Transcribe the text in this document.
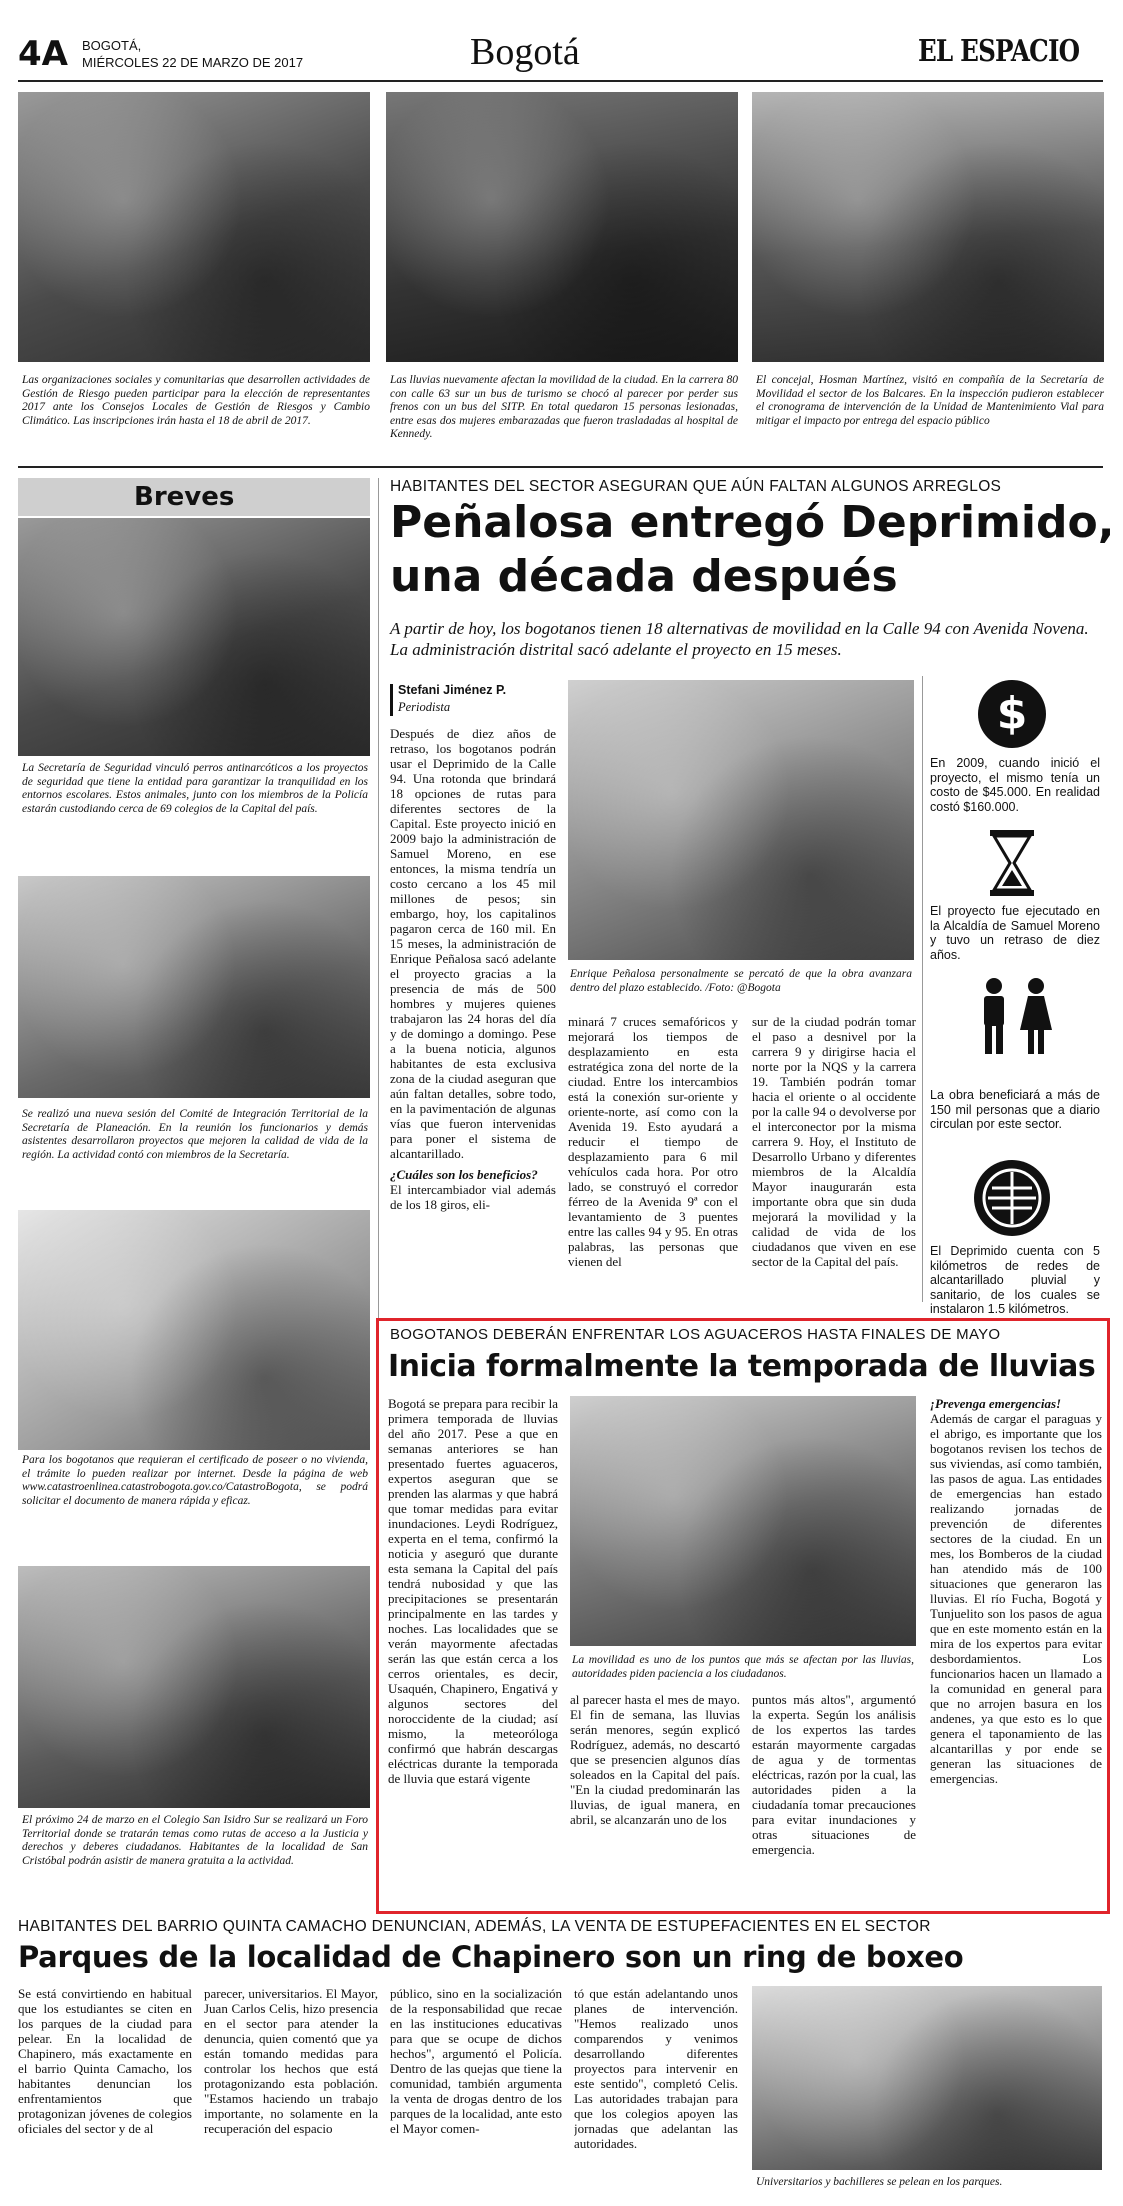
4A BOGOTÁ,
MIÉRCOLES 22 DE MARZO DE 2017	Bogotá	EL ESPACIO
Las organizaciones sociales y comunitarias que desarrollen actividades de Gestión de Riesgo pueden participar para la elección de representantes 2017 ante los Consejos Locales de Gestión de Riesgos y Cambio Climático. Las inscripciones irán hasta el 18 de abril de 2017.
Las lluvias nuevamente afectan la movilidad de la ciudad. En la carrera 80 con calle 63 sur un bus de turismo se chocó al parecer por perder sus frenos con un bus del SITP. En total quedaron 15 personas lesionadas, entre esas dos mujeres embarazadas que fueron trasladadas al hospital de Kennedy.
El concejal, Hosman Martínez, visitó en compañía de la Secretaría de Movilidad el sector de los Balcares. En la inspección pudieron establecer el cronograma de intervención de la Unidad de Mantenimiento Vial para mitigar el impacto por entrega del espacio público
Breves
La Secretaría de Seguridad vinculó perros antinarcóticos a los proyectos de seguridad que tiene la entidad para garantizar la tranquilidad en los entornos escolares. Estos animales, junto con los miembros de la Policía estarán custodiando cerca de 69 colegios de la Capital del país.
Se realizó una nueva sesión del Comité de Integración Territorial de la Secretaría de Planeación. En la reunión los funcionarios y demás asistentes desarrollaron proyectos que mejoren la calidad de vida de la región. La actividad contó con miembros de la Secretaría.
Para los bogotanos que requieran el certificado de poseer o no vivienda, el trámite lo pueden realizar por internet. Desde la página de web www.catastroenlinea.catastrobogota.gov.co/CatastroBogota, se podrá solicitar el documento de manera rápida y eficaz.
El próximo 24 de marzo en el Colegio San Isidro Sur se realizará un Foro Territorial donde se tratarán temas como rutas de acceso a la Justicia y derechos y deberes ciudadanos. Habitantes de la localidad de San Cristóbal podrán asistir de manera gratuita a la actividad.
HABITANTES DEL SECTOR ASEGURAN QUE AÚN FALTAN ALGUNOS ARREGLOS
Peñalosa entregó Deprimido,
una década después
A partir de hoy, los bogotanos tienen 18 alternativas de movilidad en la Calle 94 con Avenida Novena. La administración distrital sacó adelante el proyecto en 15 meses.
Stefani Jiménez P.
Periodista

Después de diez años de retraso, los bogotanos podrán usar el Deprimido de la Calle 94. Una rotonda que brindará 18 opciones de rutas para diferentes sectores de la Capital. Este proyecto inició en 2009 bajo la administración de Samuel Moreno, en ese entonces, la misma tendría un costo cercano a los 45 mil millones de pesos; sin embargo, hoy, los capitalinos pagaron cerca de 160 mil. En 15 meses, la administración de Enrique Peñalosa sacó adelante el proyecto gracias a la presencia de más de 500 hombres y mujeres quienes trabajaron las 24 horas del día y de domingo a domingo. Pese a la buena noticia, algunos habitantes de esta exclusiva zona de la ciudad aseguran que aún faltan detalles, sobre todo, en la pavimentación de algunas vías que fueron intervenidas para poner el sistema de alcantarillado.

¿Cuáles son los beneficios?

El intercambiador vial además de los 18 giros, eli-

Enrique Peñalosa personalmente se percató de que la obra avanzara dentro del plazo establecido. /Foto: @Bogota
minará 7 cruces semafóricos y mejorará los tiempos de desplazamiento en esta estratégica zona del norte de la ciudad. Entre los intercambios está la conexión sur-oriente y oriente-norte, así como con la Avenida 19. Esto ayudará a reducir el tiempo de desplazamiento para 6 mil vehículos cada hora. Por otro lado, se construyó el corredor férreo de la Avenida 9ª con el levantamiento de 3 puentes entre las calles 94 y 95. En otras palabras, las personas que vienen del
sur de la ciudad podrán tomar el paso a desnivel por la carrera 9 y dirigirse hacia el norte por la NQS y la carrera 19. También podrán tomar hacia el oriente o al occidente por la calle 94 o devolverse por el interconector por la misma carrera 9. Hoy, el Instituto de Desarrollo Urbano y diferentes miembros de la Alcaldía Mayor inaugurarán esta importante obra que sin duda mejorará la movilidad y la calidad de vida de los ciudadanos que viven en ese sector de la Capital del país.
$
En 2009, cuando inició el proyecto, el mismo tenía un costo de $45.000. En realidad costó $160.000.
El proyecto fue ejecutado en la Alcaldía de Samuel Moreno y tuvo un retraso de diez años.
La obra beneficiará a más de 150 mil personas que a diario circulan por este sector.
El Deprimido cuenta con 5 kilómetros de redes de alcantarillado pluvial y sanitario, de los cuales se instalaron 1.5 kilómetros.
BOGOTANOS DEBERÁN ENFRENTAR LOS AGUACEROS HASTA FINALES DE MAYO
Inicia formalmente la temporada de lluvias
Bogotá se prepara para recibir la primera temporada de lluvias del año 2017. Pese a que en semanas anteriores se han presentado fuertes aguaceros, expertos aseguran que se prenden las alarmas y que habrá que tomar medidas para evitar inundaciones. Leydi Rodríguez, experta en el tema, confirmó la noticia y aseguró que durante esta semana la Capital del país tendrá nubosidad y que las precipitaciones se presentarán principalmente en las tardes y noches. Las localidades que se verán mayormente afectadas serán las que están cerca a los cerros orientales, es decir, Usaquén, Chapinero, Engativá y algunos sectores del noroccidente de la ciudad; así mismo, la meteoróloga confirmó que habrán descargas eléctricas durante la temporada de lluvia que estará vigente
La movilidad es uno de los puntos que más se afectan por las lluvias, autoridades piden paciencia a los ciudadanos.
al parecer hasta el mes de mayo. El fin de semana, las lluvias serán menores, según explicó Rodríguez, además, no descartó que se presencien algunos días soleados en la Capital del país. "En la ciudad predominarán las lluvias, de igual manera, en abril, se alcanzarán uno de los
puntos más altos", argumentó la experta. Según los análisis de los expertos las tardes estarán mayormente cargadas de agua y de tormentas eléctricas, razón por la cual, las autoridades piden a la ciudadanía tomar precauciones para evitar inundaciones y otras situaciones de emergencia.

¡Prevenga emergencias!

Además de cargar el paraguas y el abrigo, es importante que los bogotanos revisen los techos de sus viviendas, así como también, las pasos de agua. Las entidades de emergencias han estado realizando jornadas de prevención de diferentes sectores de la ciudad. En un mes, los Bomberos de la ciudad han atendido más de 100 situaciones que generaron las lluvias. El río Fucha, Bogotá y Tunjuelito son los pasos de agua que en este momento están en la mira de los expertos para evitar desbordamientos. Los funcionarios hacen un llamado a la comunidad en general para que no arrojen basura en los andenes, ya que esto es lo que genera el taponamiento de las alcantarillas y por ende se generan las situaciones de emergencias.

HABITANTES DEL BARRIO QUINTA CAMACHO DENUNCIAN, ADEMÁS, LA VENTA DE ESTUPEFACIENTES EN EL SECTOR
Parques de la localidad de Chapinero son un ring de boxeo
Se está convirtiendo en habitual que los estudiantes se citen en los parques de la ciudad para pelear. En la localidad de Chapinero, más exactamente en el barrio Quinta Camacho, los habitantes denuncian los enfrentamientos que protagonizan jóvenes de colegios oficiales del sector y de al
parecer, universitarios. El Mayor, Juan Carlos Celis, hizo presencia en el sector para atender la denuncia, quien comentó que ya están tomando medidas para controlar los hechos que está protagonizando esta población. "Estamos haciendo un trabajo importante, no solamente en la recuperación del espacio
público, sino en la socialización de la responsabilidad que recae en las instituciones educativas para que se ocupe de dichos hechos", argumentó el Policía. Dentro de las quejas que tiene la comunidad, también argumenta la venta de drogas dentro de los parques de la localidad, ante esto el Mayor comen-
tó que están adelantando unos planes de intervención. "Hemos realizado unos comparendos y venimos desarrollando diferentes proyectos para intervenir en este sentido", completó Celis. Las autoridades trabajan para que los colegios apoyen las jornadas que adelantan las autoridades.
Universitarios y bachilleres se pelean en los parques.
